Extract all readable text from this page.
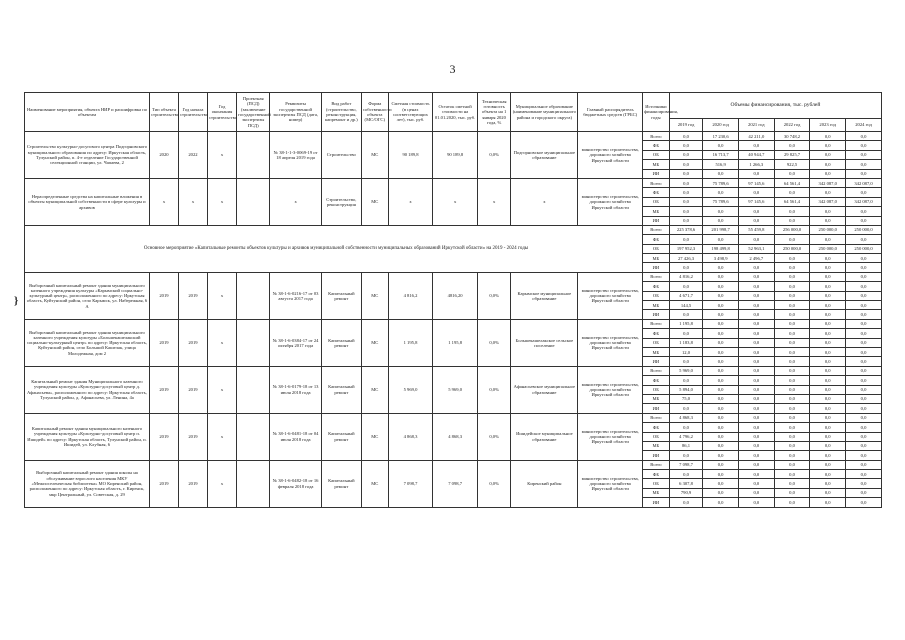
3
}
Наименование мероприятия, объекта НИР и расшифровка по объектам	Тип объекта строительства	Год начала строительства	Год окончания строительства	Проектная (ПСД) (заключение государственной экспертизы ПСД)	Реквизиты государственной экспертизы ПСД (дата, номер)	Вид работ (строительство, реконструкция, капремонт и др.)	Форма собственности объекта (МС/ОГС)	Сметная стоимость (в ценах соответствующих лет), тыс. руб.	Остаток сметной стоимости на 01.01.2020, тыс. руб.	Техническая готовность объекта на 1 января 2020 года, %	Муниципальное образование (наименование муниципального района и городского округа)	Главный распорядитель бюджетных средств (ГРБС)	Источники финансирования, годы	Объемы финансирования, тыс. рублей					
														2019 год	2020 год	2021 год	2022 год	2023 год	2024 год
Строительство культурно-досугового центра Подгорновского муниципального образования по адресу: Иркутская область, Тулунский район, п. 4-е отделение Государственной селекционной станции, ул. Чапаева, 2	2020	2022	х		№ 38-1-1-3-0069-19 от 18 апреля 2019 года	Строительство	МС	90 189,8	90 189,8	0,0%	Подгорновское муниципальное образование	министерство строительства, дорожного хозяйства Иркутской области	Всего	0,0	17 230,6	42 211,0	30 748,2	0,0	0,0
													ФБ	0,0	0,0	0,0	0,0	0,0	0,0
													ОБ	0,0	16 713,7	40 944,7	29 825,7	0,0	0,0
													МБ	0,0	516,9	1 266,3	922,5	0,0	0,0
													ИИ	0,0	0,0	0,0	0,0	0,0	0,0
Нераспределенные средства на капитальные вложения в объекты муниципальной собственности в сфере культуры и архивов	х	х	х		х	Строительство, реконструкция	МС	х	х	х	х	министерство строительства, дорожного хозяйства Иркутской области	Всего	0,0	75 789,6	97 145,6	64 561,4	342 087,0	342 087,0
													ФБ	0,0	0,0	0,0	0,0	0,0	0,0
													ОБ	0,0	75 789,6	97 145,6	64 561,4	342 087,0	342 087,0
													МБ	0,0	0,0	0,0	0,0	0,0	0,0
													ИИ	0,0	0,0	0,0	0,0	0,0	0,0
Основное мероприятие «Капитальные ремонты объектов культуры и архивов муниципальной собственности муниципальных образований Иркутской области» на 2019 - 2024 годы													Всего	225 378,6	201 998,7	55 459,8	256 000,0	250 000,0	250 000,0
													ФБ	0,0	0,0	0,0	0,0	0,0	0,0
													ОБ	197 952,3	198 499,8	52 963,1	250 000,0	250 000,0	250 000,0
													МБ	27 426,3	3 498,9	2 496,7	0,0	0,0	0,0
													ИИ	0,0	0,0	0,0	0,0	0,0	0,0
Выборочный капитальный ремонт здания муниципального казенного учреждения культуры «Карымский социально-культурный центр», расположенного по адресу: Иркутская область, Куйтунский район, село Карымск, ул. Набережная, 6 А	2019	2019	х		№ 38-1-6-0216-17 от 03 августа 2017 года	Капитальный ремонт	МС	4 816,2	4816,20	0,0%	Карымское муниципальное образование	министерство строительства, дорожного хозяйства Иркутской области	Всего	4 816,2	0,0	0,0	0,0	0,0	0,0
													ФБ	0,0	0,0	0,0	0,0	0,0	0,0
													ОБ	4 671,7	0,0	0,0	0,0	0,0	0,0
													МБ	144,5	0,0	0,0	0,0	0,0	0,0
													ИИ	0,0	0,0	0,0	0,0	0,0	0,0
Выборочный капитальный ремонт здания муниципального казенного учреждения культуры «Большекашелакский социально-культурный центр» по адресу: Иркутская область, Куйтунский район, село Большой Кашелак, улица Молодежная, дом 2	2019	2019	х		№ 38-1-6-0384-17 от 24 октября 2017 года	Капитальный ремонт	МС	1 195,8	1 195,8	0,0%	Большекашелакское сельское поселение	министерство строительства, дорожного хозяйства Иркутской области	Всего	1 195,8	0,0	0,0	0,0	0,0	0,0
													ФБ	0,0	0,0	0,0	0,0	0,0	0,0
													ОБ	1 183,8	0,0	0,0	0,0	0,0	0,0
													МБ	12,0	0,0	0,0	0,0	0,0	0,0
													ИИ	0,0	0,0	0,0	0,0	0,0	0,0
Капитальный ремонт здания Муниципального казенного учреждения культуры «Культурно-досуговый центр д. Афанасьева», расположенного по адресу: Иркутская область, Тулунский район, д. Афанасьева, ул. Ленина, 4а	2019	2019	х		№ 38-1-6-0179-18 от 13 июля 2018 года	Капитальный ремонт	МС	5 969,0	5 969,0	0,0%	Афанасьевское муниципальное образование	министерство строительства, дорожного хозяйства Иркутской области	Всего	5 969,0	0,0	0,0	0,0	0,0	0,0
													ФБ	0,0	0,0	0,0	0,0	0,0	0,0
													ОБ	5 894,0	0,0	0,0	0,0	0,0	0,0
													МБ	75,0	0,0	0,0	0,0	0,0	0,0
													ИИ	0,0	0,0	0,0	0,0	0,0	0,0
Капитальный ремонт здания муниципального казенного учреждения культуры «Культурно-досуговый центр п. Ишидей» по адресу: Иркутская область, Тулунский район, п. Ишидей, ул. Клубная, 6	2019	2019	х		№ 38-1-6-0481-18 от 04 июля 2018 года	Капитальный ремонт	МС	4 868,3	4 868,3	0,0%	Ишидейское муниципальное образование	министерство строительства, дорожного хозяйства Иркутской области	Всего	4 868,3	0,0	0,0	0,0	0,0	0,0
													ФБ	0,0	0,0	0,0	0,0	0,0	0,0
													ОБ	4 796,2	0,0	0,0	0,0	0,0	0,0
													МБ	86,1	0,0	0,0	0,0	0,0	0,0
													ИИ	0,0	0,0	0,0	0,0	0,0	0,0
Выборочный капитальный ремонт здания школы на обслуживание взрослого населения МКУ «Межпоселенческая библиотека» МО Киренский район, расположенного по адресу: Иркутская область, г. Киренск, мкр Центральный, ул. Советская, д. 29	2019	2019	х		№ 38-1-6-0482-18 от 16 февраля 2018 года	Капитальный ремонт	МС	7 098,7	7 098,7	0,0%	Киренский район	министерство строительства, дорожного хозяйства Иркутской области	Всего	7 098,7	0,0	0,0	0,0	0,0	0,0
													ФБ	0,0	0,0	0,0	0,0	0,0	0,0
													ОБ	6 307,8	0,0	0,0	0,0	0,0	0,0
													МБ	790,9	0,0	0,0	0,0	0,0	0,0
													ИИ	0,0	0,0	0,0	0,0	0,0	0,0
